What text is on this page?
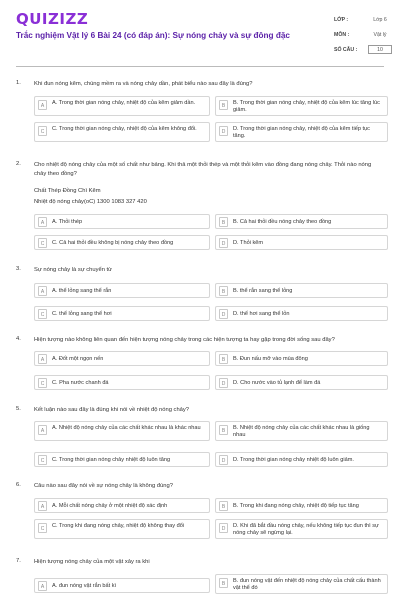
QUIZIZZ
Trắc nghiệm Vật lý 6 Bài 24 (có đáp án): Sự nóng chảy và sự đông đặc
LỚP :	Lớp 6
MÔN :	Vật lý
SỐ CÂU :	10
1. Khi đun nóng kẽm, chúng mềm ra và nóng chảy dần, phát biểu nào sau đây là đúng?
A	A. Trong thời gian nóng chảy, nhiệt độ của kẽm giảm dần.	B	B. Trong thời gian nóng chảy, nhiệt độ của kẽm lúc tăng lúc giảm.
C	C. Trong thời gian nóng chảy, nhiệt độ của kẽm không đổi.	D	D. Trong thời gian nóng chảy, nhiệt độ của kẽm tiếp tục tăng.
2. Cho nhiệt độ nóng chảy của một số chất như bảng. Khi thả một thỏi thép và một thỏi kẽm vào đồng đang nóng chảy. Thỏi nào nóng chảy theo đồng?
Chất Thép Đồng Chì Kẽm
Nhiệt độ nóng chảy(oC) 1300 1083 327 420
A	A. Thỏi thép	B	B. Cả hai thỏi đều nóng chảy theo đồng
C	C. Cả hai thỏi đều không bị nóng chảy theo đồng	D	D. Thỏi kẽm
3. Sự nóng chảy là sự chuyển từ
A	A. thể lỏng sang thể rắn	B	B. thể rắn sang thể lỏng
C	C. thể lỏng sang thể hơi	D	D. thể hơi sang thể lỏn
4. Hiện tượng nào không liên quan đến hiện tượng nóng chảy trong các hiện tượng ta hay gặp trong đời sống sau đây?
A	A. Đốt một ngọn nến	B	B. Đun nấu mỡ vào mùa đông
C	C. Pha nước chanh đá	D	D. Cho nước vào tủ lạnh để làm đá
5. Kết luận nào sau đây là đúng khi nói về nhiệt độ nóng chảy?
A	A. Nhiệt độ nóng chảy của các chất khác nhau là khác nhau	B	B. Nhiệt độ nóng chảy của các chất khác nhau là giống nhau
C	C. Trong thời gian nóng chảy nhiệt độ luôn tăng	D	D. Trong thời gian nóng chảy nhiệt độ luôn giảm.
6. Câu nào sau đây nói về sự nóng chảy là không đúng?
A	A. Mỗi chất nóng chảy ở một nhiệt độ xác định	B	B. Trong khi đang nóng chảy, nhiệt độ tiếp tục tăng
C	C. Trong khi đang nóng chảy, nhiệt độ không thay đổi	D	D. Khi đã bắt đầu nóng chảy, nếu không tiếp tục đun thì sự nóng chảy sẽ ngừng lại.
7. Hiện tượng nóng chảy của một vật xảy ra khi
A	A. đun nóng vật rắn bất kì	B	B. đun nóng vật đến nhiệt độ nóng chảy của chất cấu thành vật thể đó
